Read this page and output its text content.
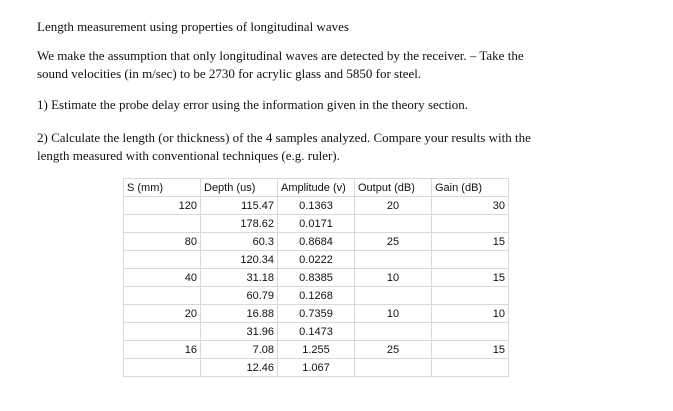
Length measurement using properties of longitudinal waves
We make the assumption that only longitudinal waves are detected by the receiver. – Take the
sound velocities (in m/sec) to be 2730 for acrylic glass and 5850 for steel.
1) Estimate the probe delay error using the information given in the theory section.
2) Calculate the length (or thickness) of the 4 samples analyzed. Compare your results with the
length measured with conventional techniques (e.g. ruler).
S (mm)	Depth (us)	Amplitude (v)	Output (dB)	Gain (dB)
120	115.47	0.1363	20	30
	178.62	0.0171		
80	60.3	0.8684	25	15
	120.34	0.0222		
40	31.18	0.8385	10	15
	60.79	0.1268		
20	16.88	0.7359	10	10
	31.96	0.1473		
16	7.08	1.255	25	15
	12.46	1.067		
